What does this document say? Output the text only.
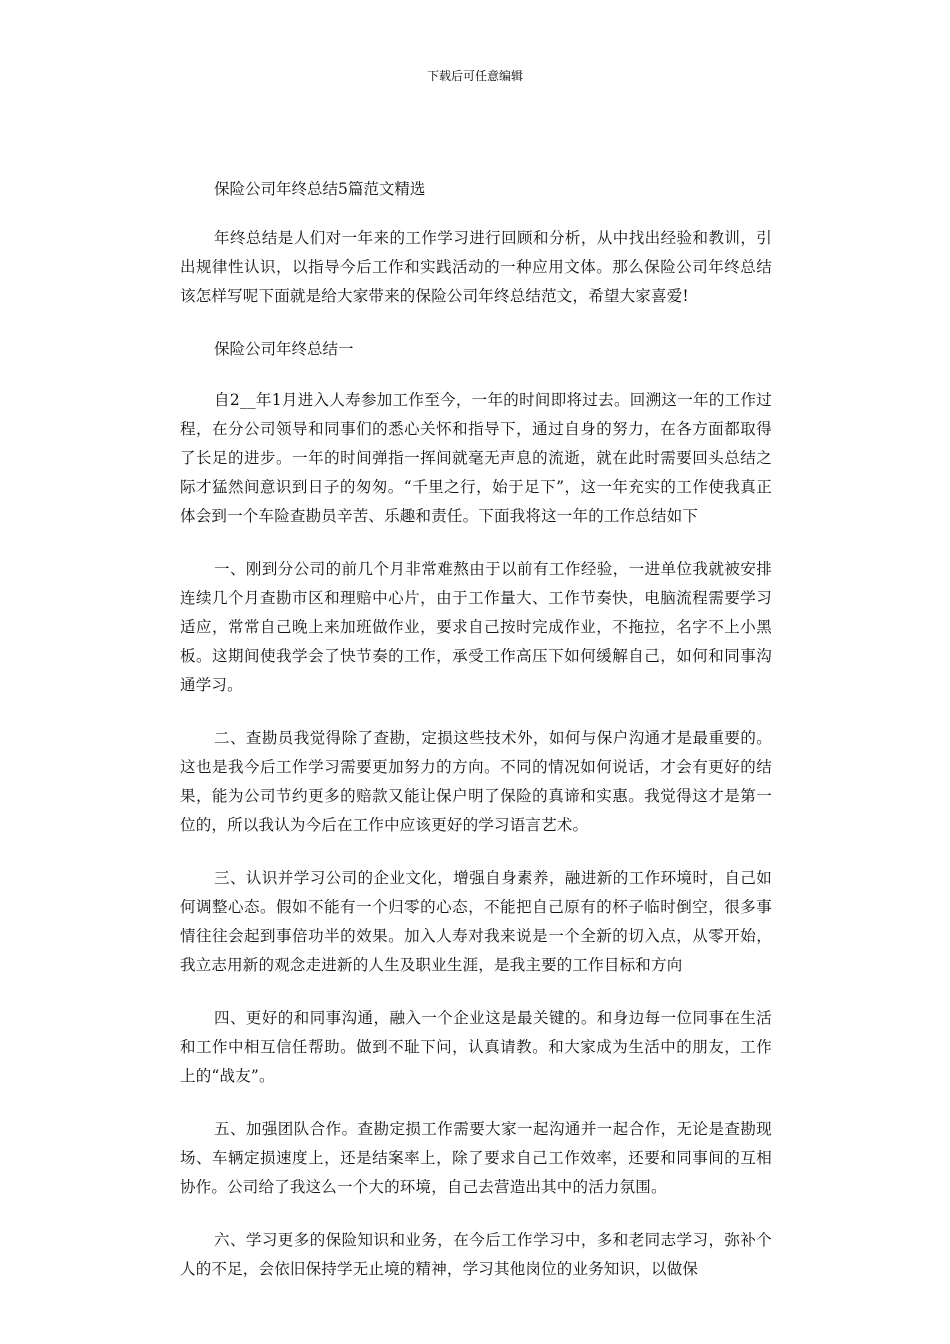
下载后可任意编辑

保险公司年终总结5篇范文精选

年终总结是人们对一年来的工作学习进行回顾和分析，从中找出经验和教训，引出规律性认识，以指导今后工作和实践活动的一种应用文体。那么保险公司年终总结该怎样写呢下面就是给大家带来的保险公司年终总结范文，希望大家喜爱!

保险公司年终总结一

自2__年1月进入人寿参加工作至今，一年的时间即将过去。回溯这一年的工作过程，在分公司领导和同事们的悉心关怀和指导下，通过自身的努力，在各方面都取得了长足的进步。一年的时间弹指一挥间就毫无声息的流逝，就在此时需要回头总结之际才猛然间意识到日子的匆匆。“千里之行，始于足下”，这一年充实的工作使我真正体会到一个车险查勘员辛苦、乐趣和责任。下面我将这一年的工作总结如下

一、刚到分公司的前几个月非常难熬由于以前有工作经验，一进单位我就被安排连续几个月查勘市区和理赔中心片，由于工作量大、工作节奏快，电脑流程需要学习适应，常常自己晚上来加班做作业，要求自己按时完成作业，不拖拉，名字不上小黑板。这期间使我学会了快节奏的工作，承受工作高压下如何缓解自己，如何和同事沟通学习。

二、查勘员我觉得除了查勘，定损这些技术外，如何与保户沟通才是最重要的。这也是我今后工作学习需要更加努力的方向。不同的情况如何说话，才会有更好的结果，能为公司节约更多的赔款又能让保户明了保险的真谛和实惠。我觉得这才是第一位的，所以我认为今后在工作中应该更好的学习语言艺术。

三、认识并学习公司的企业文化，增强自身素养，融进新的工作环境时，自己如何调整心态。假如不能有一个归零的心态，不能把自己原有的杯子临时倒空，很多事情往往会起到事倍功半的效果。加入人寿对我来说是一个全新的切入点，从零开始，我立志用新的观念走进新的人生及职业生涯，是我主要的工作目标和方向

四、更好的和同事沟通，融入一个企业这是最关键的。和身边每一位同事在生活和工作中相互信任帮助。做到不耻下问，认真请教。和大家成为生活中的朋友，工作上的“战友”。

五、加强团队合作。查勘定损工作需要大家一起沟通并一起合作，无论是查勘现场、车辆定损速度上，还是结案率上，除了要求自己工作效率，还要和同事间的互相协作。公司给了我这么一个大的环境，自己去营造出其中的活力氛围。

六、学习更多的保险知识和业务，在今后工作学习中，多和老同志学习，弥补个人的不足，会依旧保持学无止境的精神，学习其他岗位的业务知识，以做保
